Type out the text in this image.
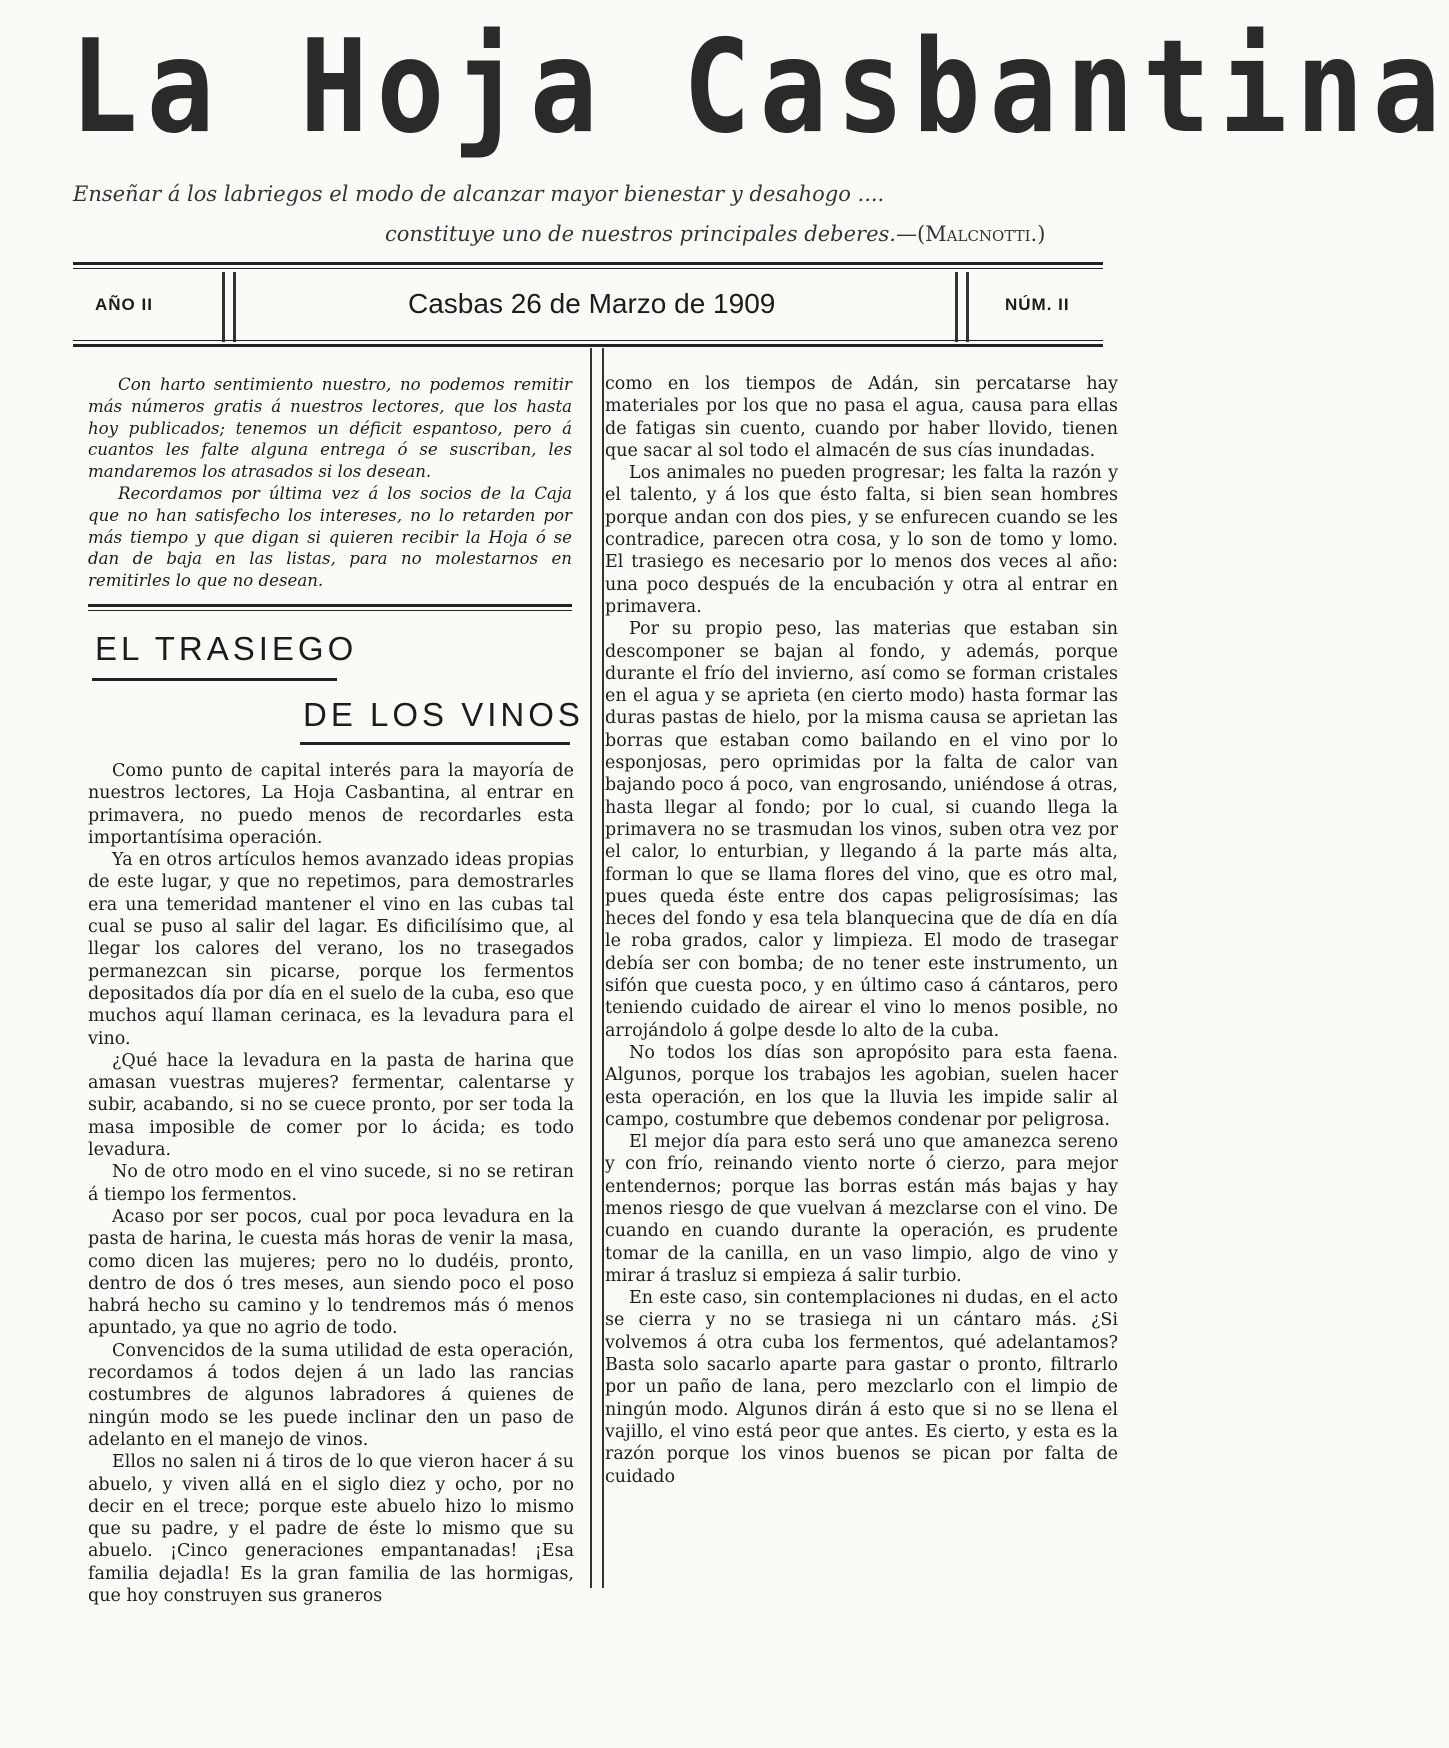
La Hoja Casbantina
Enseñar á los labriegos el modo de alcanzar mayor bienestar y desahogo ....
constituye uno de nuestros principales deberes.—(Malcnotti.)
AÑO II	Casbas 26 de Marzo de 1909	NÚM. II

Con harto sentimiento nuestro, no podemos remitir más números gratis á nuestros lectores, que los hasta hoy publicados; tenemos un déficit espantoso, pero á cuantos les falte alguna entrega ó se suscriban, les mandaremos los atrasados si los desean.

Recordamos por última vez á los socios de la Caja que no han satisfecho los intereses, no lo retarden por más tiempo y que digan si quieren recibir la Hoja ó se dan de baja en las listas, para no molestarnos en remitirles lo que no desean.

EL TRASIEGO
DE LOS VINOS

Como punto de capital interés para la mayoría de nuestros lectores, La Hoja Casbantina, al entrar en primavera, no puedo menos de recordarles esta importantísima operación.

Ya en otros artículos hemos avanzado ideas propias de este lugar, y que no repetimos, para demostrarles era una temeridad mantener el vino en las cubas tal cual se puso al salir del lagar. Es dificilísimo que, al llegar los calores del verano, los no trasegados permanezcan sin picarse, porque los fermentos depositados día por día en el suelo de la cuba, eso que muchos aquí llaman cerinaca, es la levadura para el vino.

¿Qué hace la levadura en la pasta de harina que amasan vuestras mujeres? fermentar, calentarse y subir, acabando, si no se cuece pronto, por ser toda la masa imposible de comer por lo ácida; es todo levadura.

No de otro modo en el vino sucede, si no se retiran á tiempo los fermentos.

Acaso por ser pocos, cual por poca levadura en la pasta de harina, le cuesta más horas de venir la masa, como dicen las mujeres; pero no lo dudéis, pronto, dentro de dos ó tres meses, aun siendo poco el poso habrá hecho su camino y lo tendremos más ó menos apuntado, ya que no agrio de todo.

Convencidos de la suma utilidad de esta operación, recordamos á todos dejen á un lado las rancias costumbres de algunos labradores á quienes de ningún modo se les puede inclinar den un paso de adelanto en el manejo de vinos.

Ellos no salen ni á tiros de lo que vieron hacer á su abuelo, y viven allá en el siglo diez y ocho, por no decir en el trece; porque este abuelo hizo lo mismo que su padre, y el padre de éste lo mismo que su abuelo. ¡Cinco generaciones empantanadas! ¡Esa familia dejadla! Es la gran familia de las hormigas, que hoy construyen sus graneros

como en los tiempos de Adán, sin percatarse hay materiales por los que no pasa el agua, causa para ellas de fatigas sin cuento, cuando por haber llovido, tienen que sacar al sol todo el almacén de sus cías inundadas.

Los animales no pueden progresar; les falta la razón y el talento, y á los que ésto falta, si bien sean hombres porque andan con dos pies, y se enfurecen cuando se les contradice, parecen otra cosa, y lo son de tomo y lomo. El trasiego es necesario por lo menos dos veces al año: una poco después de la encubación y otra al entrar en primavera.

Por su propio peso, las materias que estaban sin descomponer se bajan al fondo, y además, porque durante el frío del invierno, así como se forman cristales en el agua y se aprieta (en cierto modo) hasta formar las duras pastas de hielo, por la misma causa se aprietan las borras que estaban como bailando en el vino por lo esponjosas, pero oprimidas por la falta de calor van bajando poco á poco, van engrosando, uniéndose á otras, hasta llegar al fondo; por lo cual, si cuando llega la primavera no se trasmudan los vinos, suben otra vez por el calor, lo enturbian, y llegando á la parte más alta, forman lo que se llama flores del vino, que es otro mal, pues queda éste entre dos capas peligrosísimas; las heces del fondo y esa tela blanquecina que de día en día le roba grados, calor y limpieza. El modo de trasegar debía ser con bomba; de no tener este instrumento, un sifón que cuesta poco, y en último caso á cántaros, pero teniendo cuidado de airear el vino lo menos posible, no arrojándolo á golpe desde lo alto de la cuba.

No todos los días son apropósito para esta faena. Algunos, porque los trabajos les agobian, suelen hacer esta operación, en los que la lluvia les impide salir al campo, costumbre que debemos condenar por peligrosa.

El mejor día para esto será uno que amanezca sereno y con frío, reinando viento norte ó cierzo, para mejor entendernos; porque las borras están más bajas y hay menos riesgo de que vuelvan á mezclarse con el vino. De cuando en cuando durante la operación, es prudente tomar de la canilla, en un vaso limpio, algo de vino y mirar á trasluz si empieza á salir turbio.

En este caso, sin contemplaciones ni dudas, en el acto se cierra y no se trasiega ni un cántaro más. ¿Si volvemos á otra cuba los fermentos, qué adelantamos? Basta solo sacarlo aparte para gastar o pronto, filtrarlo por un paño de lana, pero mezclarlo con el limpio de ningún modo. Algunos dirán á esto que si no se llena el vajillo, el vino está peor que antes. Es cierto, y esta es la razón porque los vinos buenos se pican por falta de cuidado
